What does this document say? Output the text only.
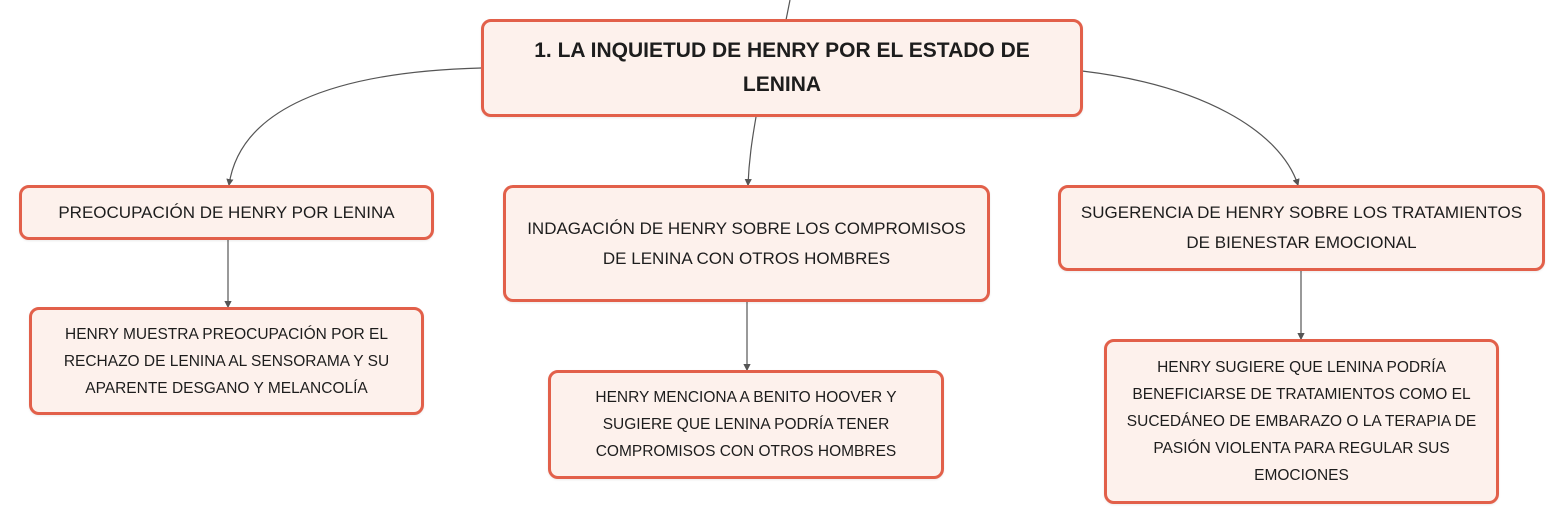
1. LA INQUIETUD DE HENRY POR EL ESTADO DE LENINA
PREOCUPACIÓN DE HENRY POR LENINA
HENRY MUESTRA PREOCUPACIÓN POR EL RECHAZO DE LENINA AL SENSORAMA Y SU APARENTE DESGANO Y MELANCOLÍA
INDAGACIÓN DE HENRY SOBRE LOS COMPROMISOS DE LENINA CON OTROS HOMBRES
HENRY MENCIONA A BENITO HOOVER Y SUGIERE QUE LENINA PODRÍA TENER COMPROMISOS CON OTROS HOMBRES
SUGERENCIA DE HENRY SOBRE LOS TRATAMIENTOS DE BIENESTAR EMOCIONAL
HENRY SUGIERE QUE LENINA PODRÍA BENEFICIARSE DE TRATAMIENTOS COMO EL SUCEDÁNEO DE EMBARAZO O LA TERAPIA DE PASIÓN VIOLENTA PARA REGULAR SUS EMOCIONES
